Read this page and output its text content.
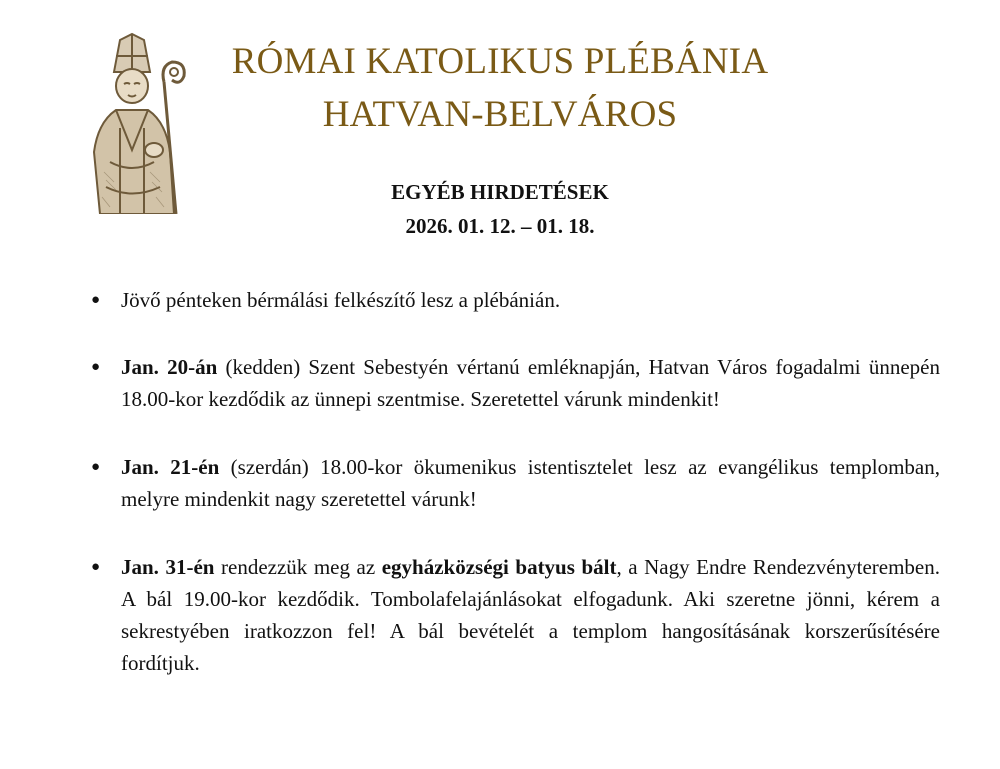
RÓMAI KATOLIKUS PLÉBÁNIA
HATVAN-BELVÁROS
EGYÉB HIRDETÉSEK
2026. 01. 12. – 01. 18.
● Jövő pénteken bérmálási felkészítő lesz a plébánián.
● Jan. 20-án (kedden) Szent Sebestyén vértanú emléknapján, Hatvan Város fogadalmi ünnepén 18.00-kor kezdődik az ünnepi szentmise. Szeretettel várunk mindenkit!
● Jan. 21-én (szerdán) 18.00-kor ökumenikus istentisztelet lesz az evangélikus templomban, melyre mindenkit nagy szeretettel várunk!
● Jan. 31-én rendezzük meg az egyházközségi batyus bált, a Nagy Endre Rendezvényteremben. A bál 19.00-kor kezdődik. Tombolafelajánlásokat elfogadunk. Aki szeretne jönni, kérem a sekrestyében iratkozzon fel! A bál bevételét a templom hangosításának korszerűsítésére fordítjuk.
